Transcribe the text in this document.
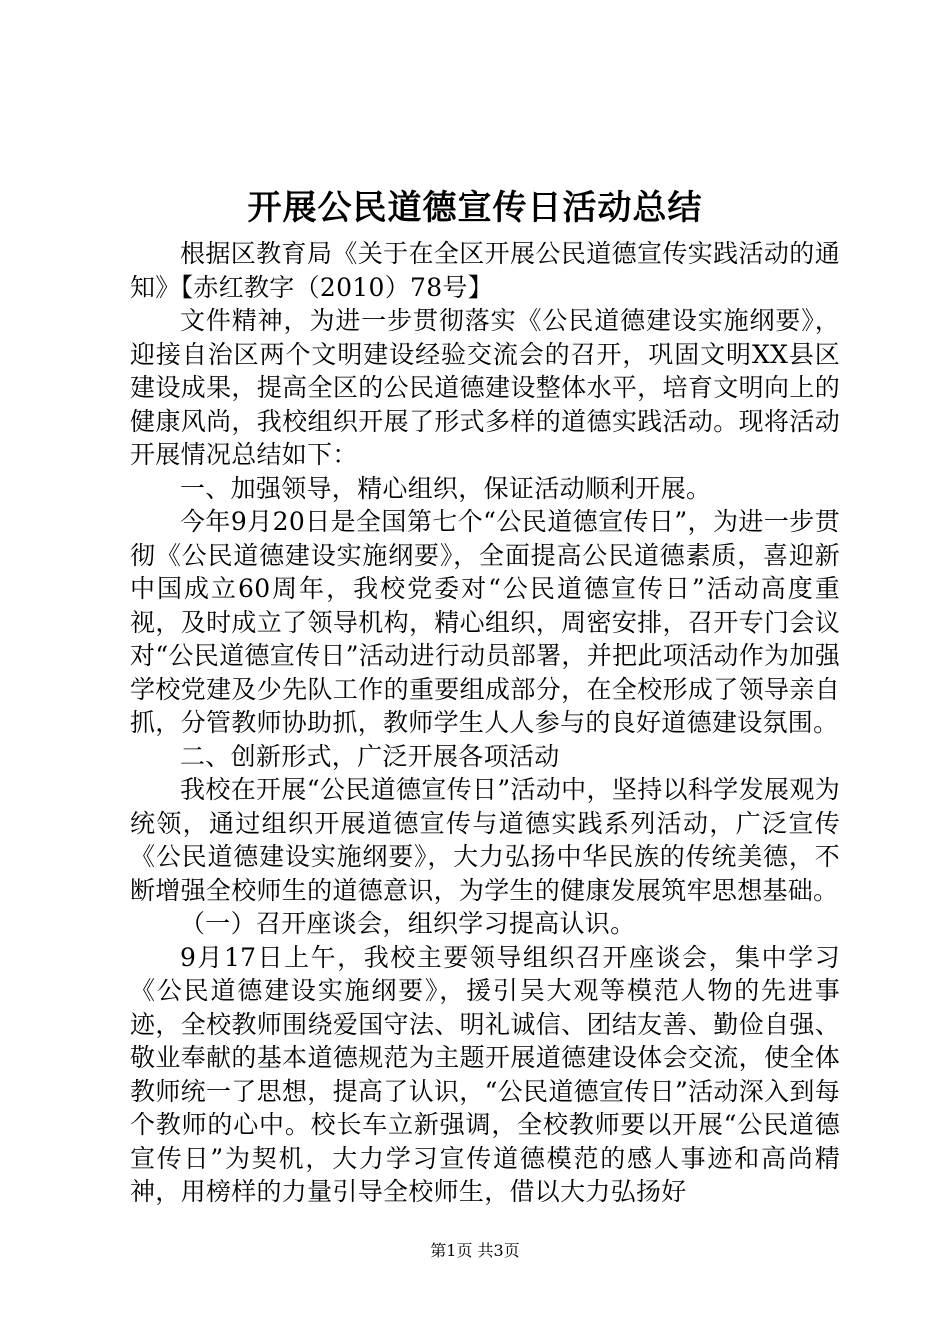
开展公民道德宣传日活动总结

根据区教育局《关于在全区开展公民道德宣传实践活动的通知》【赤红教字（2010）78号】

文件精神，为进一步贯彻落实《公民道德建设实施纲要》，迎接自治区两个文明建设经验交流会的召开，巩固文明XX县区建设成果，提高全区的公民道德建设整体水平，培育文明向上的健康风尚，我校组织开展了形式多样的道德实践活动。现将活动开展情况总结如下：

一、加强领导，精心组织，保证活动顺利开展。

今年9月20日是全国第七个“公民道德宣传日”，为进一步贯彻《公民道德建设实施纲要》，全面提高公民道德素质，喜迎新中国成立60周年，我校党委对“公民道德宣传日”活动高度重视，及时成立了领导机构，精心组织，周密安排，召开专门会议对“公民道德宣传日”活动进行动员部署，并把此项活动作为加强学校党建及少先队工作的重要组成部分，在全校形成了领导亲自抓，分管教师协助抓，教师学生人人参与的良好道德建设氛围。

二、创新形式，广泛开展各项活动

我校在开展“公民道德宣传日”活动中，坚持以科学发展观为统领，通过组织开展道德宣传与道德实践系列活动，广泛宣传《公民道德建设实施纲要》，大力弘扬中华民族的传统美德，不断增强全校师生的道德意识，为学生的健康发展筑牢思想基础。

（一）召开座谈会，组织学习提高认识。

9月17日上午，我校主要领导组织召开座谈会，集中学习《公民道德建设实施纲要》，援引吴大观等模范人物的先进事迹，全校教师围绕爱国守法、明礼诚信、团结友善、勤俭自强、敬业奉献的基本道德规范为主题开展道德建设体会交流，使全体教师统一了思想，提高了认识，“公民道德宣传日”活动深入到每个教师的心中。校长车立新强调，全校教师要以开展“公民道德宣传日”为契机，大力学习宣传道德模范的感人事迹和高尚精神，用榜样的力量引导全校师生，借以大力弘扬好

第1页 共3页
